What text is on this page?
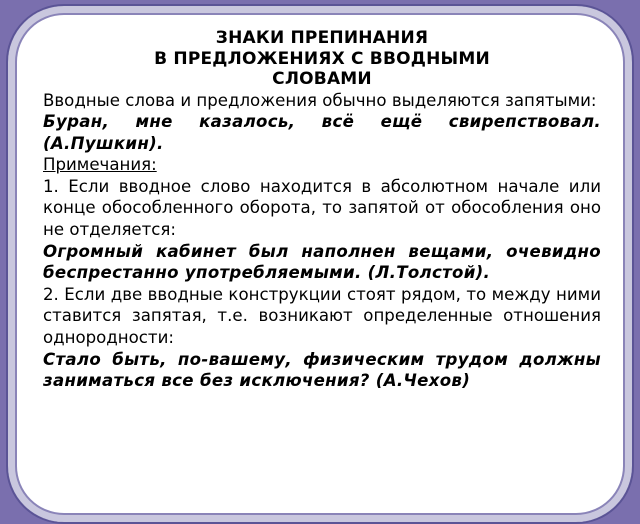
ЗНАКИ ПРЕПИНАНИЯ
В ПРЕДЛОЖЕНИЯХ С ВВОДНЫМИ
СЛОВАМИ

Вводные слова и предложения обычно выделяются запятыми:

Буран, мне казалось, всё ещё свирепствовал. (А.Пушкин).

Примечания:

1. Если вводное слово находится в абсолютном начале или конце обособленного оборота, то запятой от обособления оно не отделяется:

Огромный кабинет был наполнен вещами, очевидно беспрестанно употребляемыми. (Л.Толстой).

2. Если две вводные конструкции стоят рядом, то между ними ставится запятая, т.е. возникают определенные отношения однородности:

Стало быть, по-вашему, физическим трудом должны заниматься все без исключения? (А.Чехов)
